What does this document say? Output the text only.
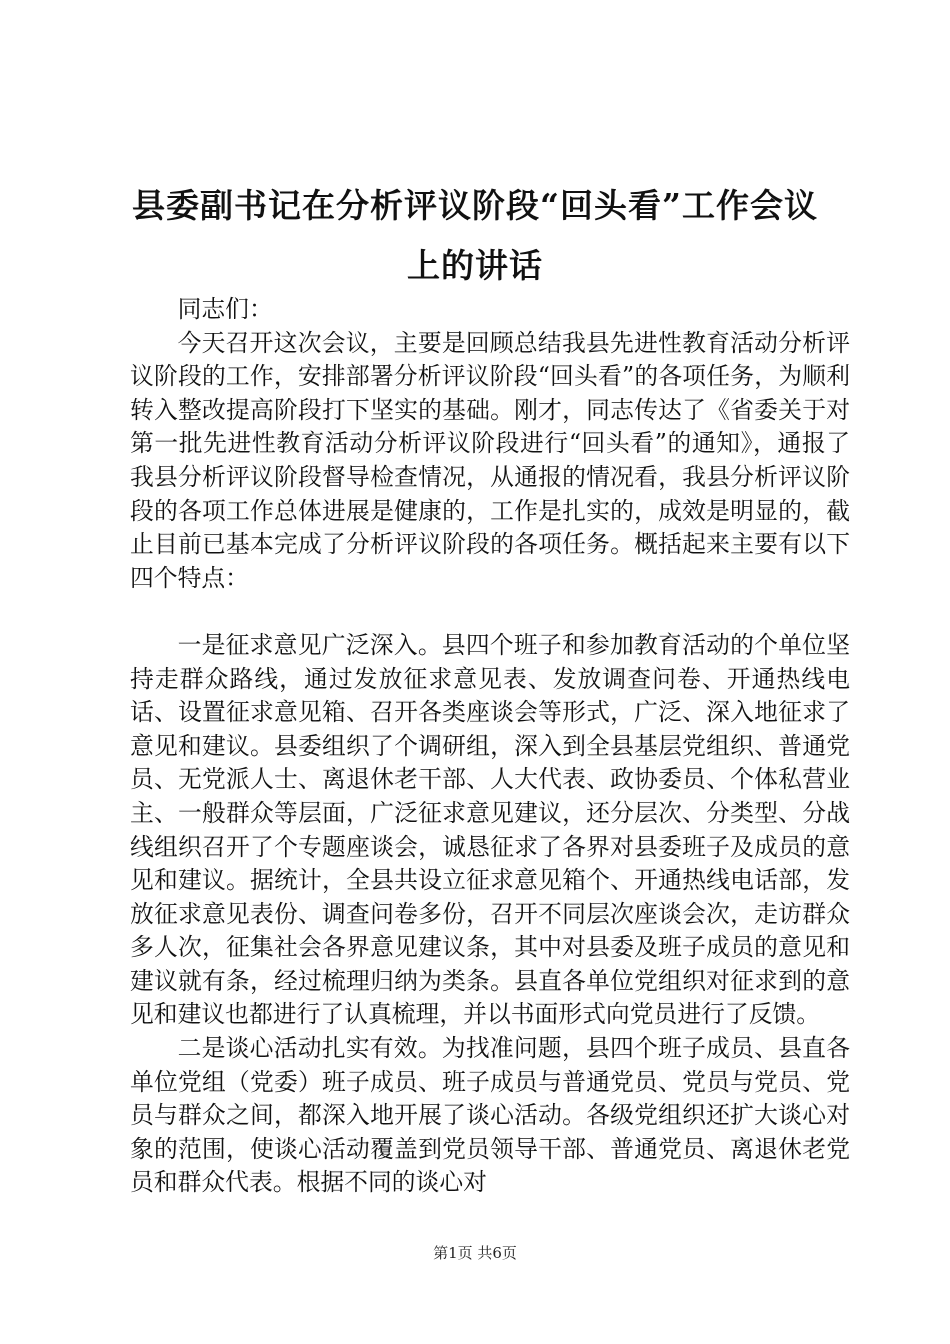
县委副书记在分析评议阶段“回头看”工作会议上的讲话

同志们：

今天召开这次会议，主要是回顾总结我县先进性教育活动分析评议阶段的工作，安排部署分析评议阶段“回头看”的各项任务，为顺利转入整改提高阶段打下坚实的基础。刚才，同志传达了《省委关于对第一批先进性教育活动分析评议阶段进行“回头看”的通知》，通报了我县分析评议阶段督导检查情况，从通报的情况看，我县分析评议阶段的各项工作总体进展是健康的，工作是扎实的，成效是明显的，截止目前已基本完成了分析评议阶段的各项任务。概括起来主要有以下四个特点：

一是征求意见广泛深入。县四个班子和参加教育活动的个单位坚持走群众路线，通过发放征求意见表、发放调查问卷、开通热线电话、设置征求意见箱、召开各类座谈会等形式，广泛、深入地征求了意见和建议。县委组织了个调研组，深入到全县基层党组织、普通党员、无党派人士、离退休老干部、人大代表、政协委员、个体私营业主、一般群众等层面，广泛征求意见建议，还分层次、分类型、分战线组织召开了个专题座谈会，诚恳征求了各界对县委班子及成员的意见和建议。据统计，全县共设立征求意见箱个、开通热线电话部，发放征求意见表份、调查问卷多份，召开不同层次座谈会次，走访群众多人次，征集社会各界意见建议条，其中对县委及班子成员的意见和建议就有条，经过梳理归纳为类条。县直各单位党组织对征求到的意见和建议也都进行了认真梳理，并以书面形式向党员进行了反馈。

二是谈心活动扎实有效。为找准问题，县四个班子成员、县直各单位党组（党委）班子成员、班子成员与普通党员、党员与党员、党员与群众之间，都深入地开展了谈心活动。各级党组织还扩大谈心对象的范围，使谈心活动覆盖到党员领导干部、普通党员、离退休老党员和群众代表。根据不同的谈心对

第1页 共6页
